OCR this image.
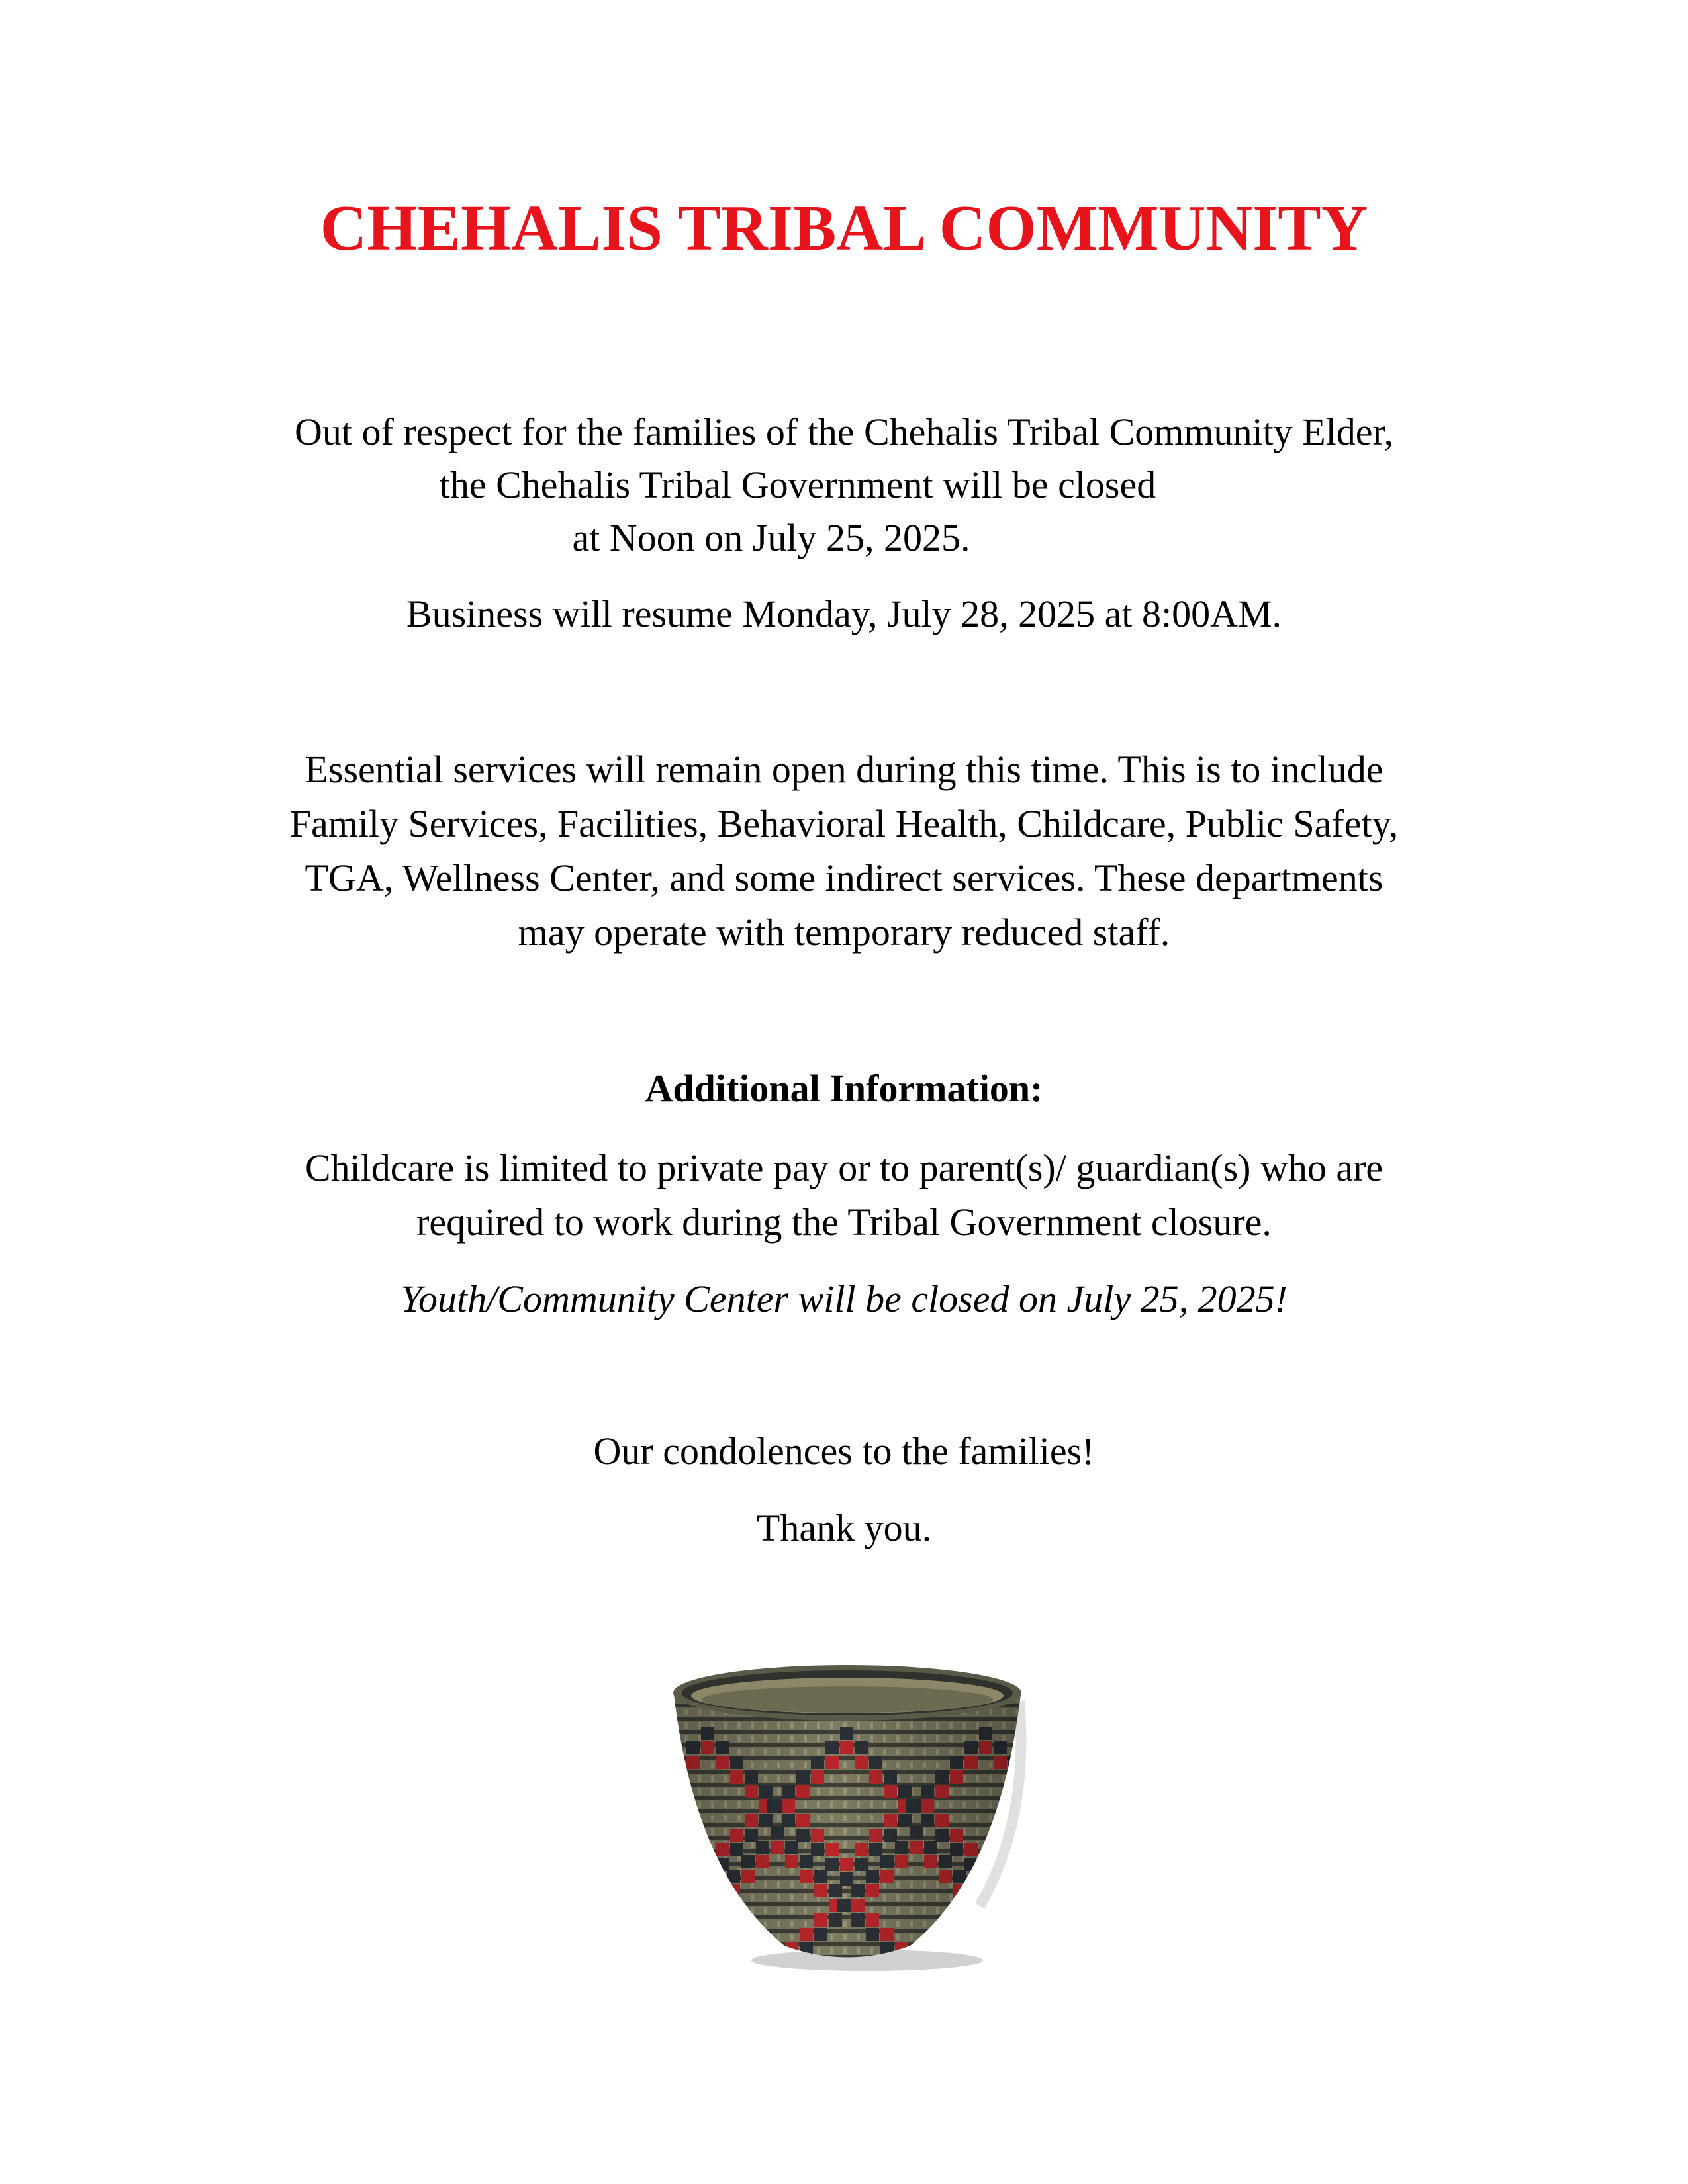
CHEHALIS TRIBAL COMMUNITY
Out of respect for the families of the Chehalis Tribal Community Elder,
the Chehalis Tribal Government will be closed
at Noon on July 25, 2025.
Business will resume Monday, July 28, 2025 at 8:00AM.
Essential services will remain open during this time. This is to include
Family Services, Facilities, Behavioral Health, Childcare, Public Safety,
TGA, Wellness Center, and some indirect services. These departments
may operate with temporary reduced staff.
Additional Information:
Childcare is limited to private pay or to parent(s)/ guardian(s) who are
required to work during the Tribal Government closure.
Youth/Community Center will be closed on July 25, 2025!
Our condolences to the families!
Thank you.
